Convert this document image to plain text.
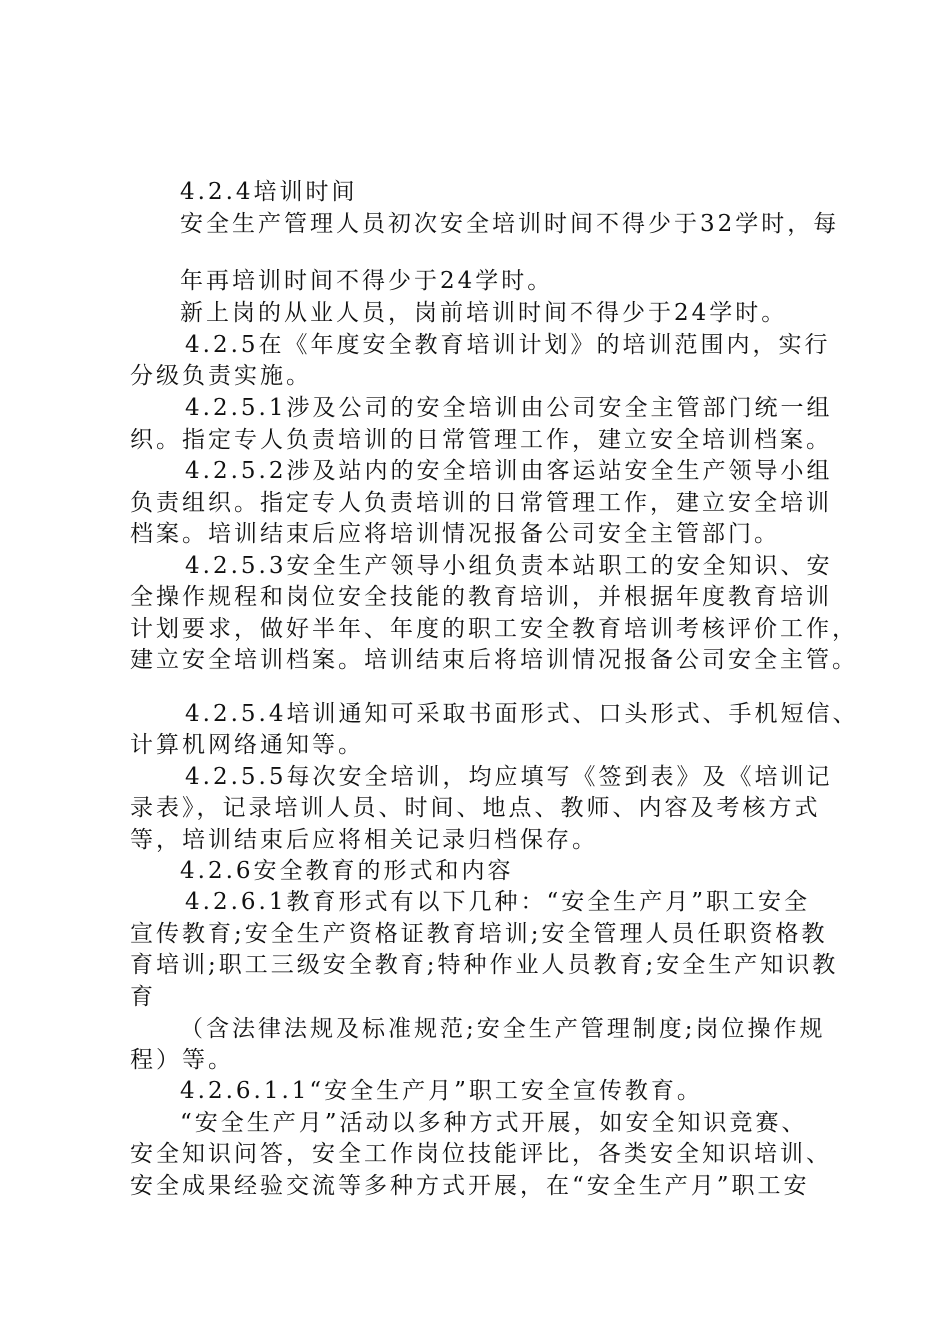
4.2.4培训时间
安全生产管理人员初次安全培训时间不得少于32学时，每
年再培训时间不得少于24学时。
新上岗的从业人员，岗前培训时间不得少于24学时。
4.2.5在《年度安全教育培训计划》的培训范围内，实行
分级负责实施。
4.2.5.1涉及公司的安全培训由公司安全主管部门统一组
织。指定专人负责培训的日常管理工作，建立安全培训档案。
4.2.5.2涉及站内的安全培训由客运站安全生产领导小组
负责组织。指定专人负责培训的日常管理工作，建立安全培训
档案。培训结束后应将培训情况报备公司安全主管部门。
4.2.5.3安全生产领导小组负责本站职工的安全知识、安
全操作规程和岗位安全技能的教育培训，并根据年度教育培训
计划要求，做好半年、年度的职工安全教育培训考核评价工作，
建立安全培训档案。培训结束后将培训情况报备公司安全主管。
4.2.5.4培训通知可采取书面形式、口头形式、手机短信、
计算机网络通知等。
4.2.5.5每次安全培训，均应填写《签到表》及《培训记
录表》，记录培训人员、时间、地点、教师、内容及考核方式
等，培训结束后应将相关记录归档保存。
4.2.6安全教育的形式和内容
4.2.6.1教育形式有以下几种：“安全生产月”职工安全
宣传教育;安全生产资格证教育培训;安全管理人员任职资格教
育培训;职工三级安全教育;特种作业人员教育;安全生产知识教
育
（含法律法规及标准规范;安全生产管理制度;岗位操作规
程）等。
4.2.6.1.1“安全生产月”职工安全宣传教育。
“安全生产月”活动以多种方式开展，如安全知识竞赛、
安全知识问答，安全工作岗位技能评比，各类安全知识培训、
安全成果经验交流等多种方式开展，在“安全生产月”职工安
